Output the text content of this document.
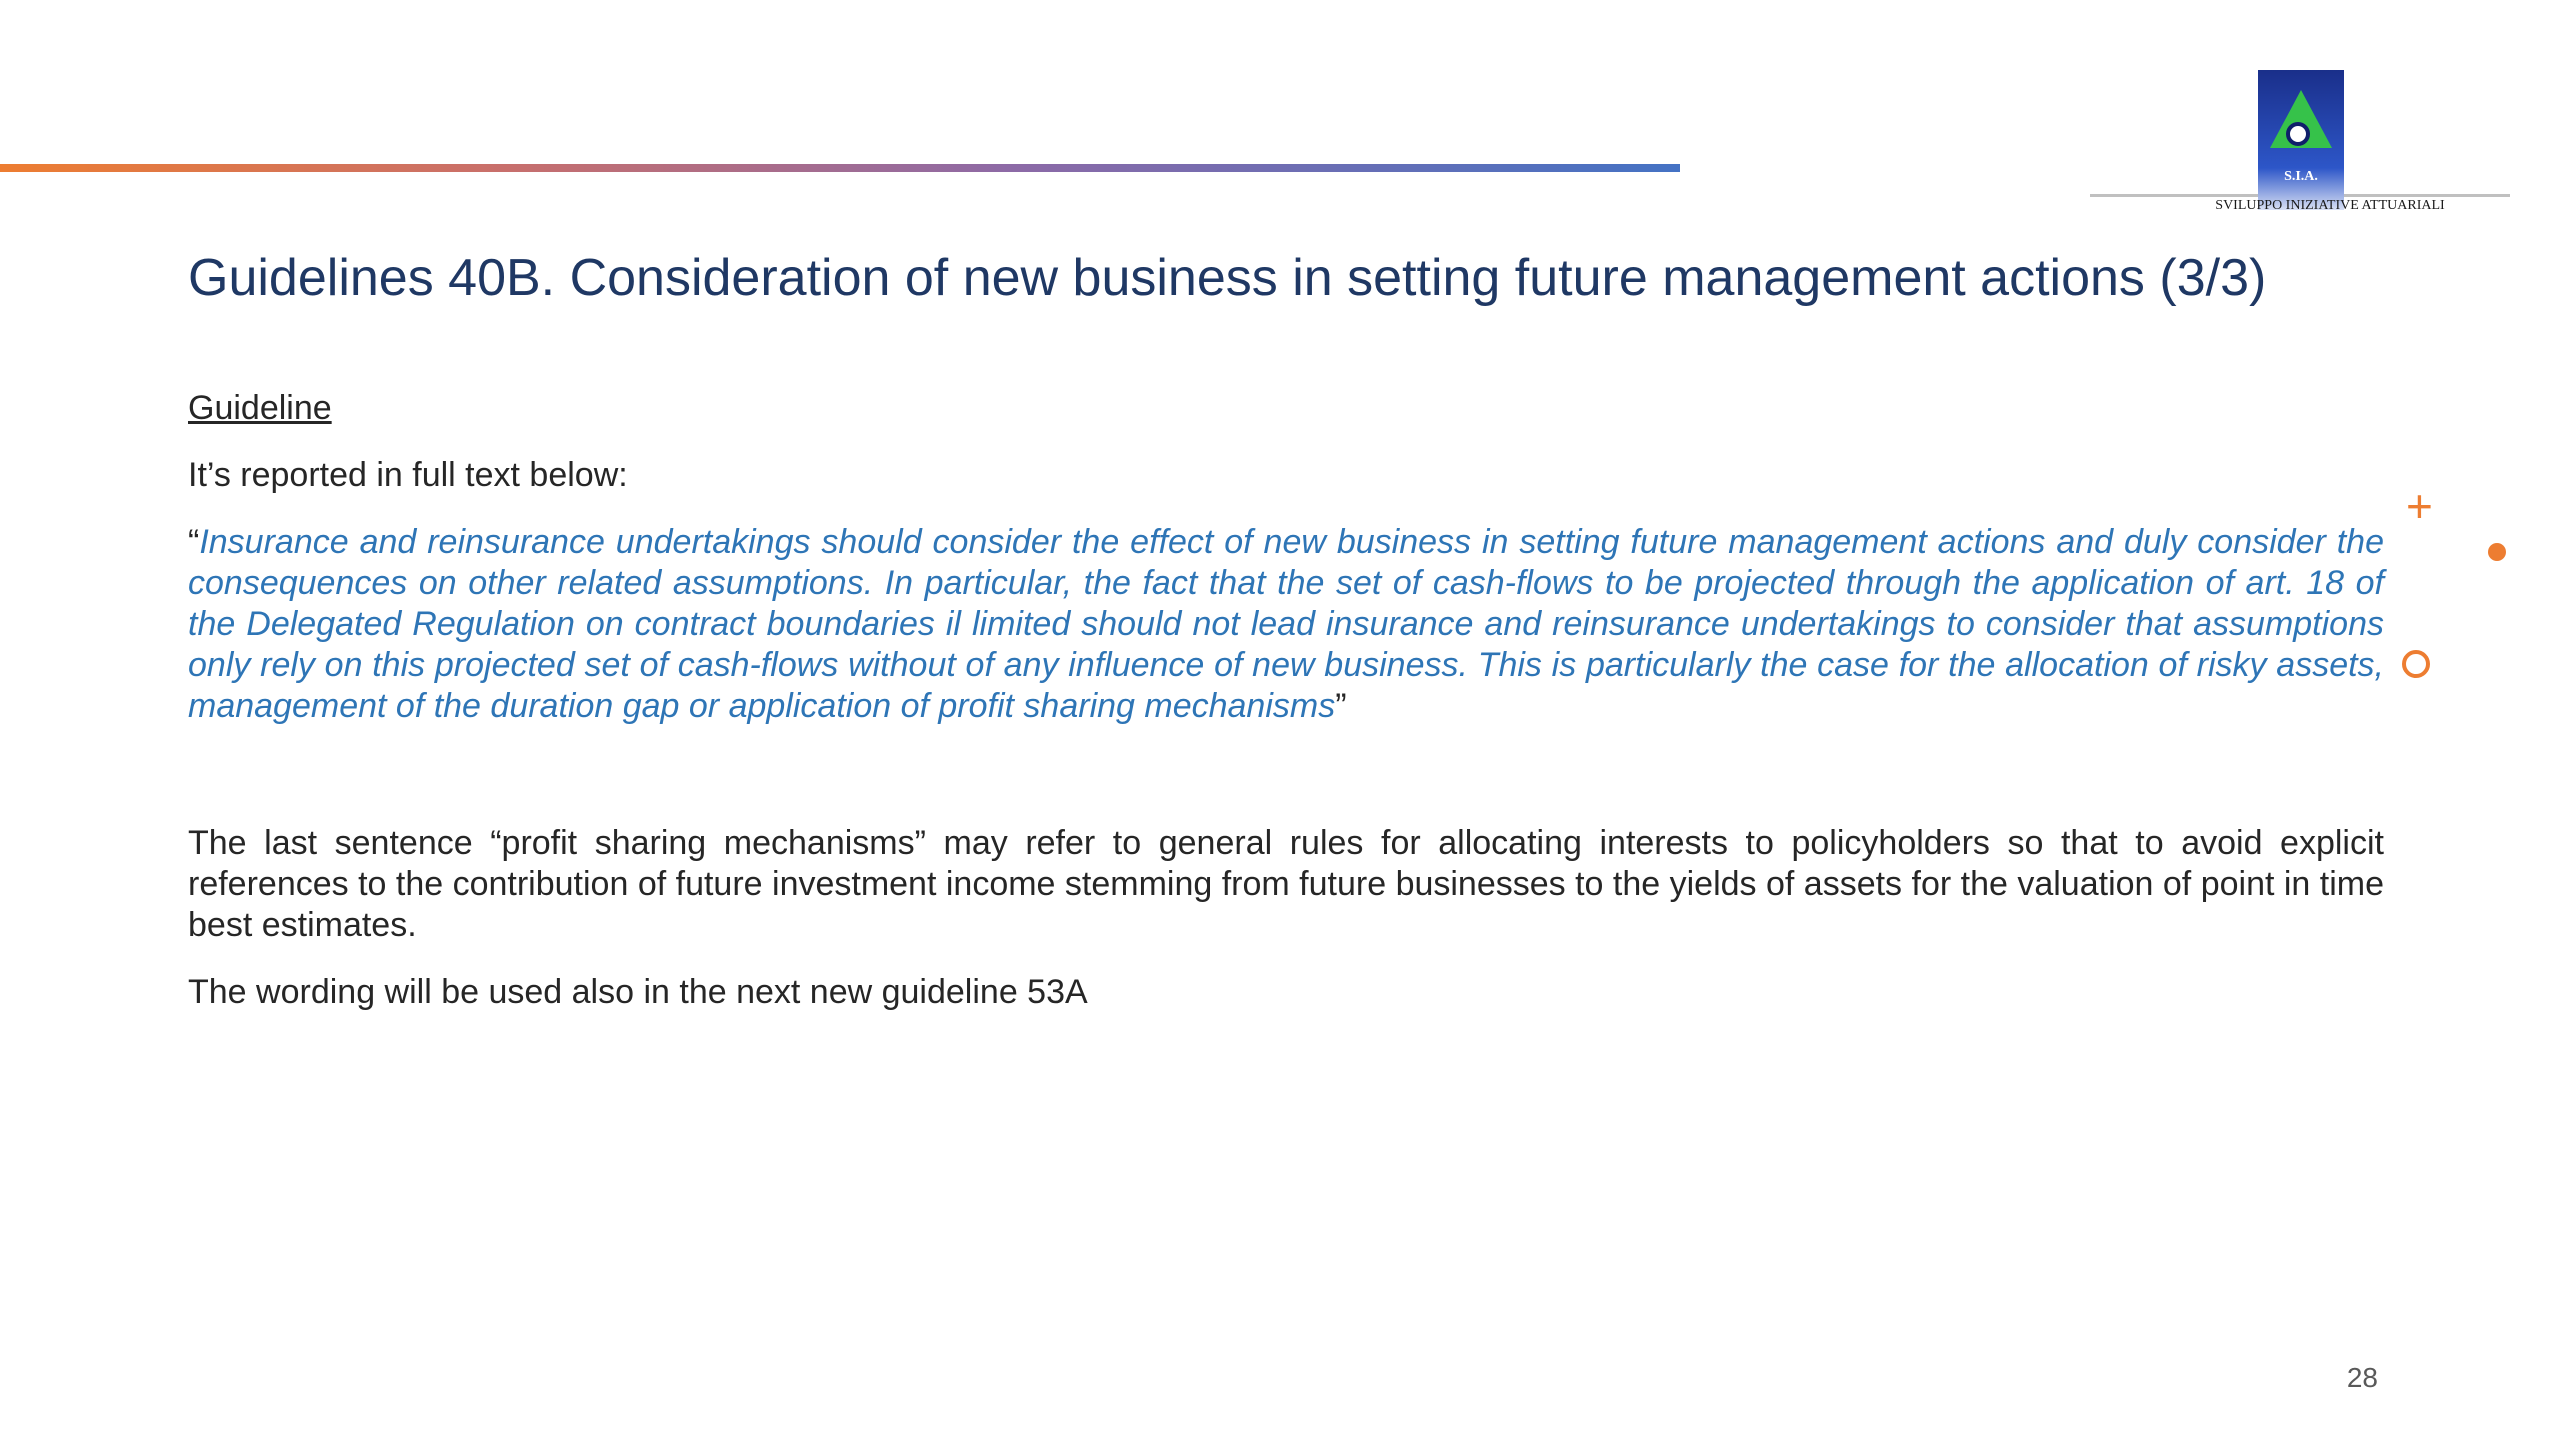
S.I.A.
SVILUPPO INIZIATIVE ATTUARIALI
Guidelines 40B. Consideration of new business in setting future management actions (3/3)

Guideline

It’s reported in full text below:

“Insurance and reinsurance undertakings should consider the effect of new business in setting future management actions and duly consider the consequences on other related assumptions. In particular, the fact that the set of cash-flows to be projected through the application of art. 18 of the Delegated Regulation on contract boundaries il limited should not lead insurance and reinsurance undertakings to consider that assumptions only rely on this projected set of cash-flows without of any influence of new business. This is particularly the case for the allocation of risky assets, management of the duration gap or application of profit sharing mechanisms”

The last sentence “profit sharing mechanisms” may refer to general rules for allocating interests to policyholders so that to avoid explicit references to the contribution of future investment income stemming from future businesses to the yields of assets for the valuation of point in time best estimates.

The wording will be used also in the next new guideline 53A

+
28
